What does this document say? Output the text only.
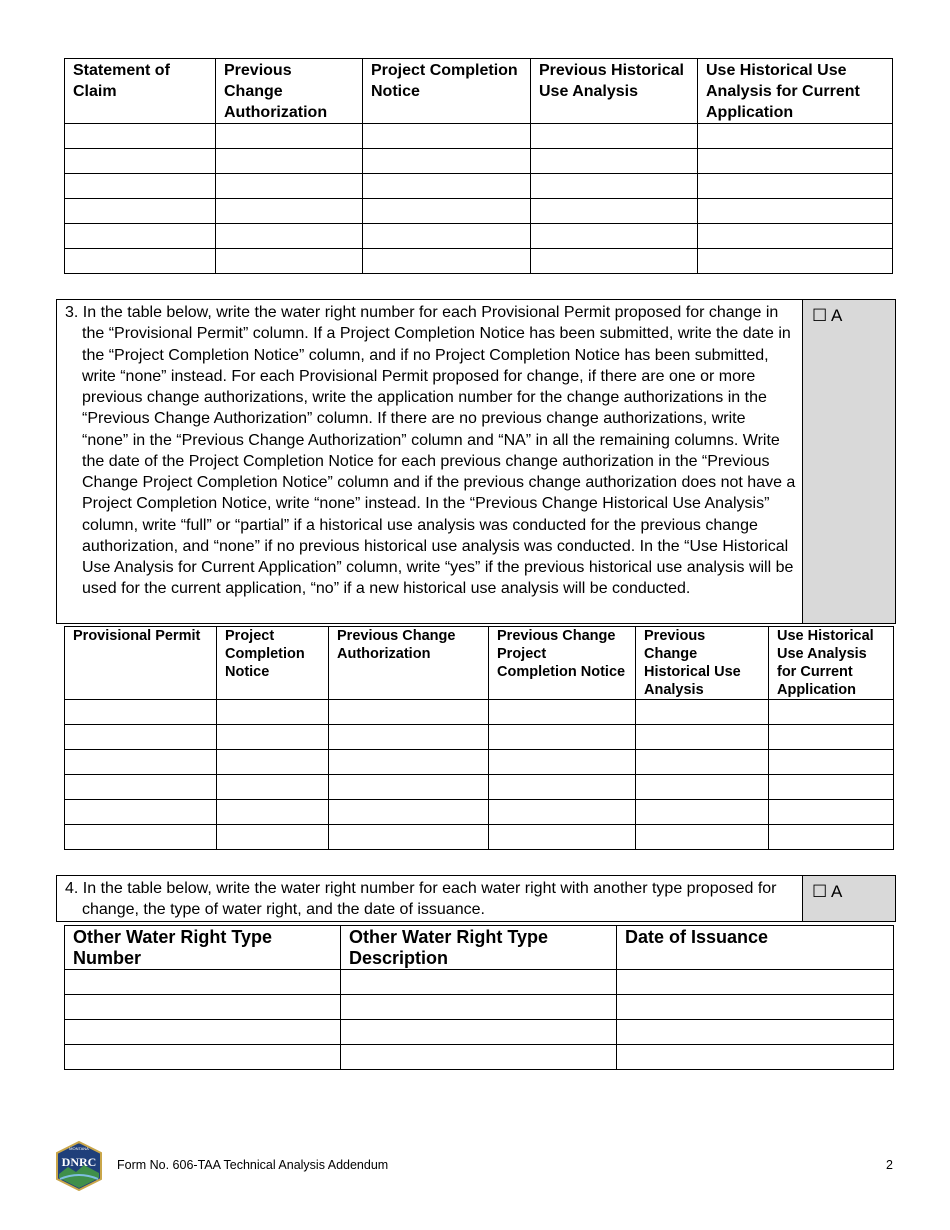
Statement of Claim	Previous Change Authorization	Project Completion Notice	Previous Historical Use Analysis	Use Historical Use Analysis for Current Application

3. In the table below, write the water right number for each Provisional Permit proposed for change in the “Provisional Permit” column. If a Project Completion Notice has been submitted, write the date in the “Project Completion Notice” column, and if no Project Completion Notice has been submitted, write “none” instead. For each Provisional Permit proposed for change, if there are one or more previous change authorizations, write the application number for the change authorizations in the “Previous Change Authorization” column. If there are no previous change authorizations, write “none” in the “Previous Change Authorization” column and “NA” in all the remaining columns. Write the date of the Project Completion Notice for each previous change authorization in the “Previous Change Project Completion Notice” column and if the previous change authorization does not have a Project Completion Notice, write “none” instead. In the “Previous Change Historical Use Analysis” column, write “full” or “partial” if a historical use analysis was conducted for the previous change authorization, and “none” if no previous historical use analysis was conducted. In the “Use Historical Use Analysis for Current Application” column, write “yes” if the previous historical use analysis will be used for the current application, “no” if a new historical use analysis will be conducted.

☐ A
Provisional Permit	Project Completion Notice	Previous Change Authorization	Previous Change Project Completion Notice	Previous Change Historical Use Analysis	Use Historical Use Analysis for Current Application

4. In the table below, write the water right number for each water right with another type proposed for change, the type of water right, and the date of issuance.

☐ A
Other Water Right Type Number	Other Water Right Type Description	Date of Issuance

MONTANA
DNRC Form No. 606-TAA Technical Analysis Addendum	2
